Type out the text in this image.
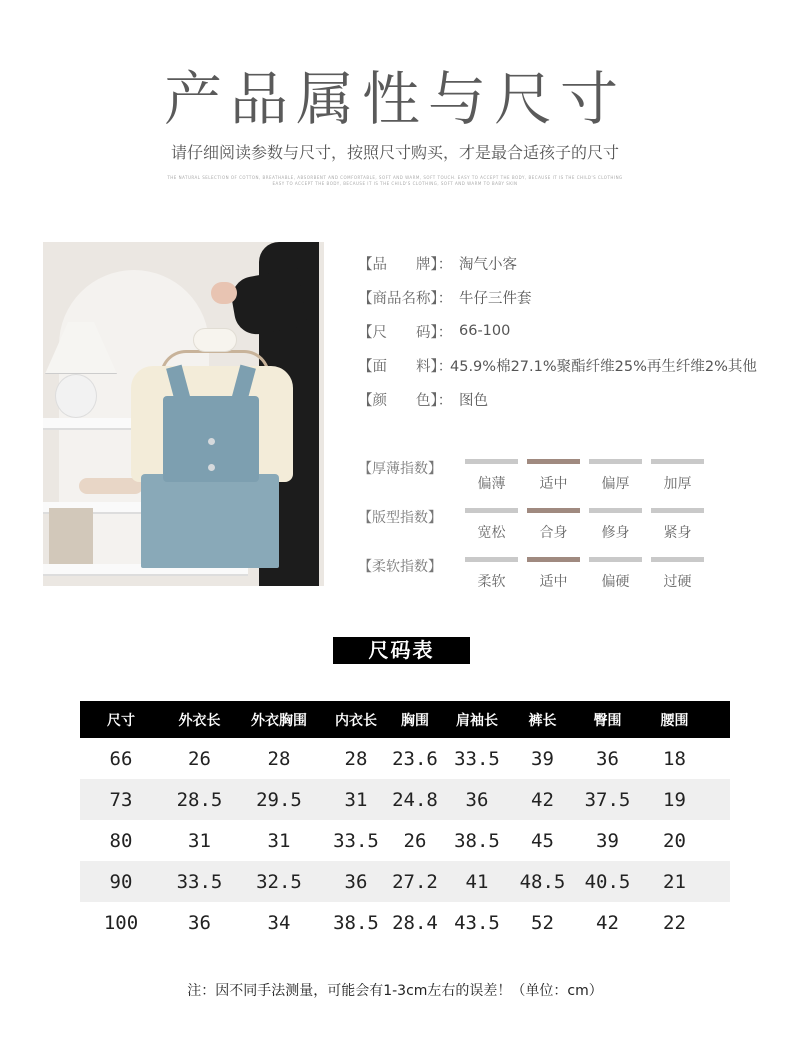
产品属性与尺寸
请仔细阅读参数与尺寸，按照尺寸购买，才是最合适孩子的尺寸
THE NATURAL SELECTION OF COTTON, BREATHABLE, ABSORBENT AND COMFORTABLE, SOFT AND WARM, SOFT TOUCH. EASY TO ACCEPT THE BODY, BECAUSE IT IS THE CHILD'S CLOTHING
EASY TO ACCEPT THE BODY, BECAUSE IT IS THE CHILD'S CLOTHING, SOFT AND WARM TO BABY SKIN
【品　　牌】： 淘气小客
【商品名称】： 牛仔三件套
【尺　　码】： 66-100
【面　　料】：
45.9%棉27.1%聚酯纤维25%再生纤维2%其他
【颜　　色】： 图色
【厚薄指数】
偏薄	适中	偏厚	加厚
【版型指数】
宽松	合身	修身	紧身
【柔软指数】
柔软	适中	偏硬	过硬
尺码表
尺寸	外衣长	外衣胸围	内衣长	胸围	肩袖长	裤长	臀围	腰围	
66	26	28	28	23.6	33.5	39	36	18	
73	28.5	29.5	31	24.8	36	42	37.5	19	
80	31	31	33.5	26	38.5	45	39	20	
90	33.5	32.5	36	27.2	41	48.5	40.5	21	
100	36	34	38.5	28.4	43.5	52	42	22	
注：因不同手法测量，可能会有1-3cm左右的误差！（单位：cm）
